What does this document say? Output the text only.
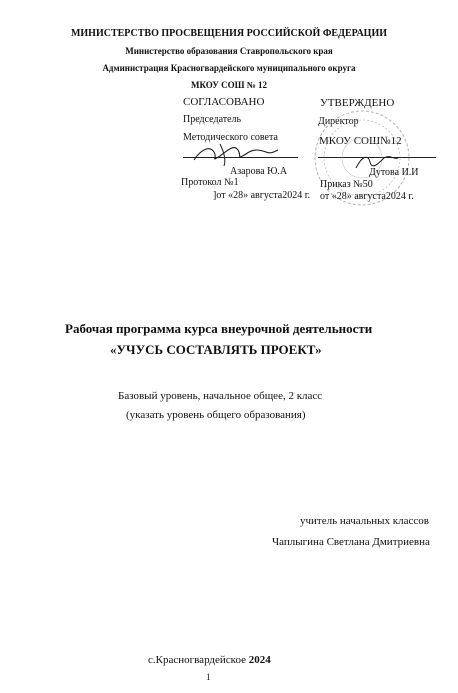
МИНИСТЕРСТВО ПРОСВЕЩЕНИЯ РОССИЙСКОЙ ФЕДЕРАЦИИ
Министерство образования Ставропольского края
Администрация Красногвардейского муниципального округа
МКОУ СОШ № 12
СОГЛАСОВАНО
Председатель
Методического совета
Азарова Ю.А
Протокол №1
]от «28» августа2024 г.
УТВЕРЖДЕНО
Директор
МКОУ СОШ№12
Дутова И.И
Приказ №50
от «28» августа2024 г.
Рабочая программа курса внеурочной деятельности
«УЧУСЬ СОСТАВЛЯТЬ ПРОЕКТ»
Базовый уровень, начальное общее, 2 класс
(указать уровень общего образования)
учитель начальных классов
Чаплыгина Светлана Дмитриевна
с.Красногвардейское 2024
1
